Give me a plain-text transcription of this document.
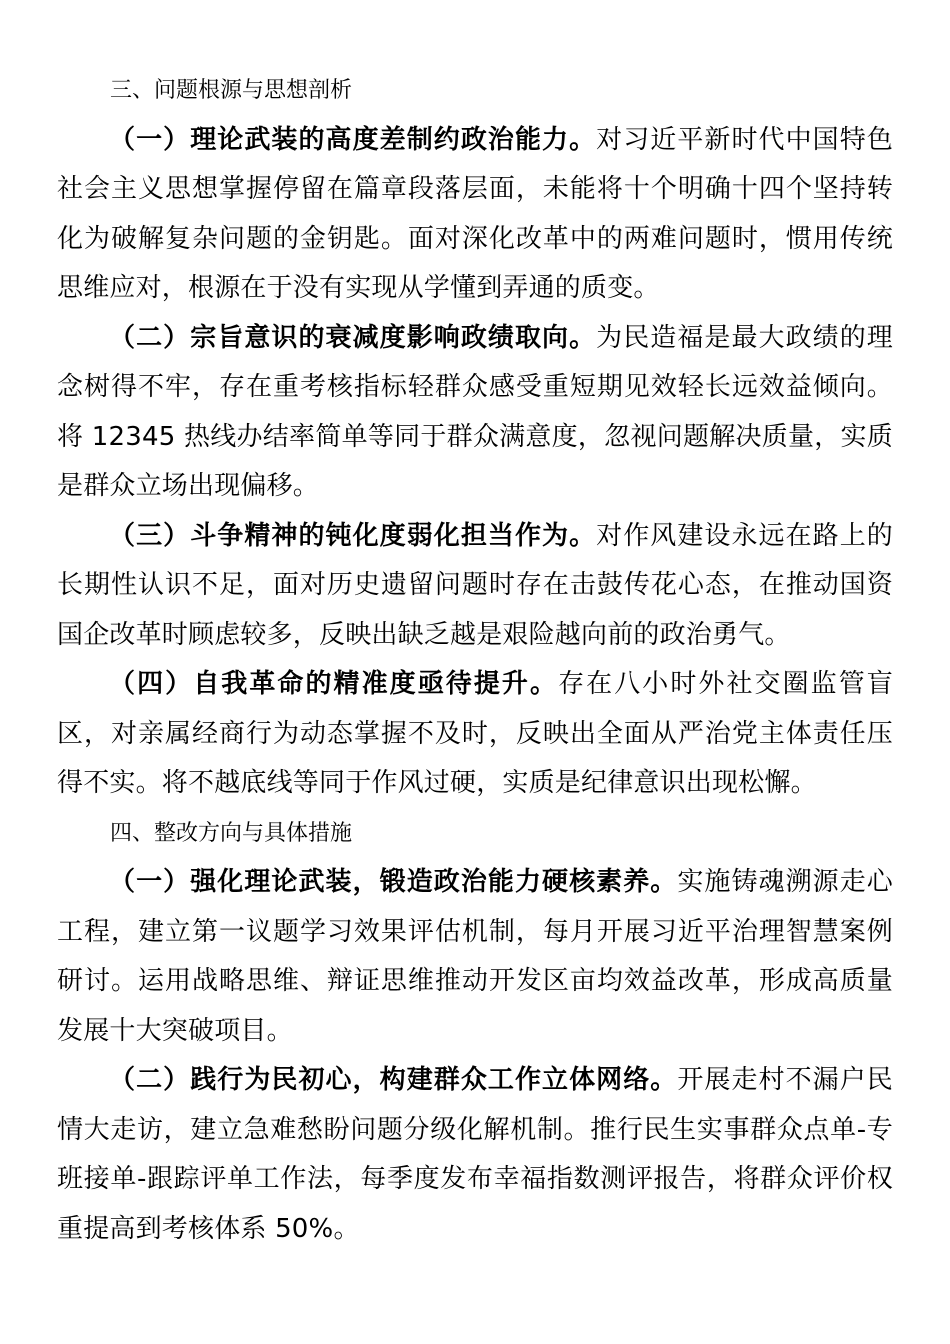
三、问题根源与思想剖析

（一）理论武装的高度差制约政治能力。对习近平新时代中国特色社会主义思想掌握停留在篇章段落层面，未能将十个明确十四个坚持转化为破解复杂问题的金钥匙。面对深化改革中的两难问题时，惯用传统思维应对，根源在于没有实现从学懂到弄通的质变。

（二）宗旨意识的衰减度影响政绩取向。为民造福是最大政绩的理念树得不牢，存在重考核指标轻群众感受重短期见效轻长远效益倾向。将 12345 热线办结率简单等同于群众满意度，忽视问题解决质量，实质是群众立场出现偏移。

（三）斗争精神的钝化度弱化担当作为。对作风建设永远在路上的长期性认识不足，面对历史遗留问题时存在击鼓传花心态，在推动国资国企改革时顾虑较多，反映出缺乏越是艰险越向前的政治勇气。

（四）自我革命的精准度亟待提升。存在八小时外社交圈监管盲区，对亲属经商行为动态掌握不及时，反映出全面从严治党主体责任压得不实。将不越底线等同于作风过硬，实质是纪律意识出现松懈。

四、整改方向与具体措施

（一）强化理论武装，锻造政治能力硬核素养。实施铸魂溯源走心工程，建立第一议题学习效果评估机制，每月开展习近平治理智慧案例研讨。运用战略思维、辩证思维推动开发区亩均效益改革，形成高质量发展十大突破项目。

（二）践行为民初心，构建群众工作立体网络。开展走村不漏户民情大走访，建立急难愁盼问题分级化解机制。推行民生实事群众点单-专班接单-跟踪评单工作法，每季度发布幸福指数测评报告，将群众评价权重提高到考核体系 50%。
